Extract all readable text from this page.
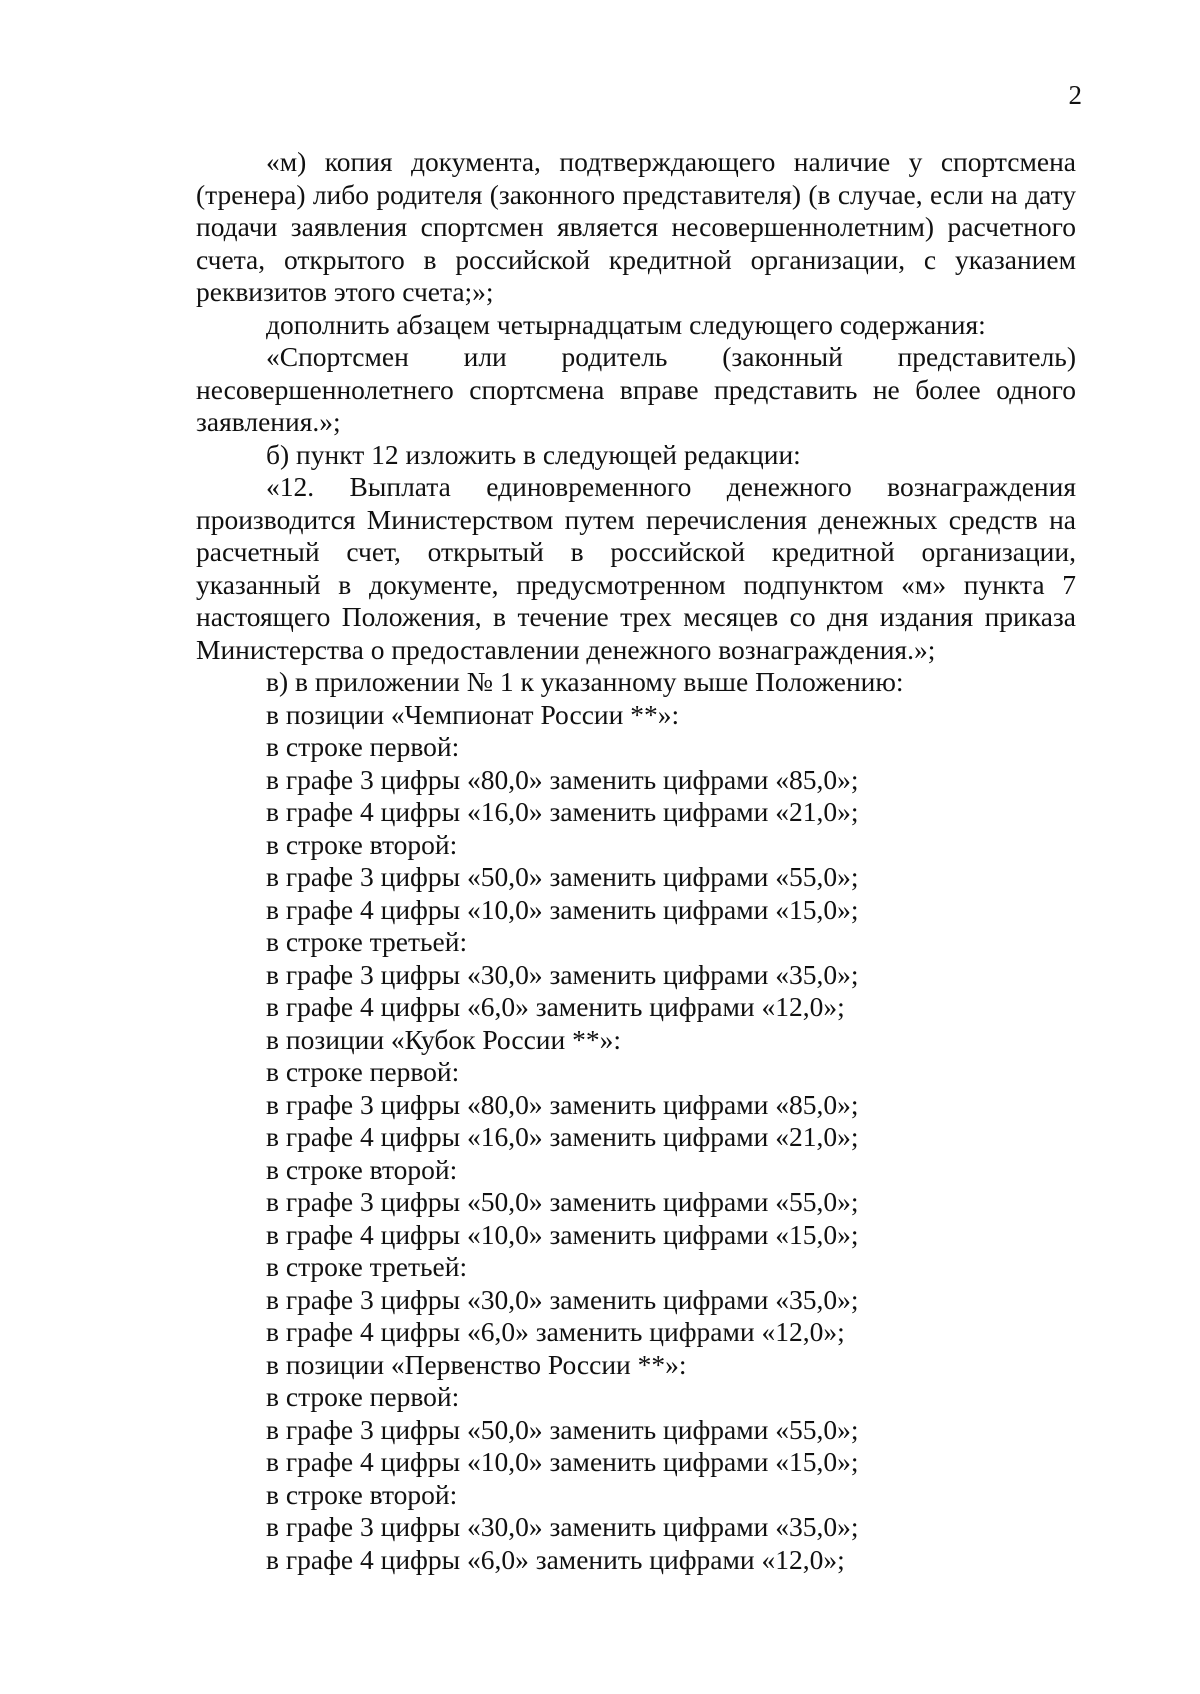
2

«м) копия документа, подтверждающего наличие у спортсмена (тренера) либо родителя (законного представителя) (в случае, если на дату подачи заявления спортсмен является несовершеннолетним) расчетного счета, открытого в российской кредитной организации, с указанием реквизитов этого счета;»;

дополнить абзацем четырнадцатым следующего содержания:

«Спортсмен или родитель (законный представитель) несовершеннолетнего спортсмена вправе представить не более одного заявления.»;

б) пункт 12 изложить в следующей редакции:

«12. Выплата единовременного денежного вознаграждения производится Министерством путем перечисления денежных средств на расчетный счет, открытый в российской кредитной организации, указанный в документе, предусмотренном подпунктом «м» пункта 7 настоящего Положения, в течение трех месяцев со дня издания приказа Министерства о предоставлении денежного вознаграждения.»;

в) в приложении № 1 к указанному выше Положению:

в позиции «Чемпионат России **»:

в строке первой:

в графе 3 цифры «80,0» заменить цифрами «85,0»;

в графе 4 цифры «16,0» заменить цифрами «21,0»;

в строке второй:

в графе 3 цифры «50,0» заменить цифрами «55,0»;

в графе 4 цифры «10,0» заменить цифрами «15,0»;

в строке третьей:

в графе 3 цифры «30,0» заменить цифрами «35,0»;

в графе 4 цифры «6,0» заменить цифрами «12,0»;

в позиции «Кубок России **»:

в строке первой:

в графе 3 цифры «80,0» заменить цифрами «85,0»;

в графе 4 цифры «16,0» заменить цифрами «21,0»;

в строке второй:

в графе 3 цифры «50,0» заменить цифрами «55,0»;

в графе 4 цифры «10,0» заменить цифрами «15,0»;

в строке третьей:

в графе 3 цифры «30,0» заменить цифрами «35,0»;

в графе 4 цифры «6,0» заменить цифрами «12,0»;

в позиции «Первенство России **»:

в строке первой:

в графе 3 цифры «50,0» заменить цифрами «55,0»;

в графе 4 цифры «10,0» заменить цифрами «15,0»;

в строке второй:

в графе 3 цифры «30,0» заменить цифрами «35,0»;

в графе 4 цифры «6,0» заменить цифрами «12,0»;
